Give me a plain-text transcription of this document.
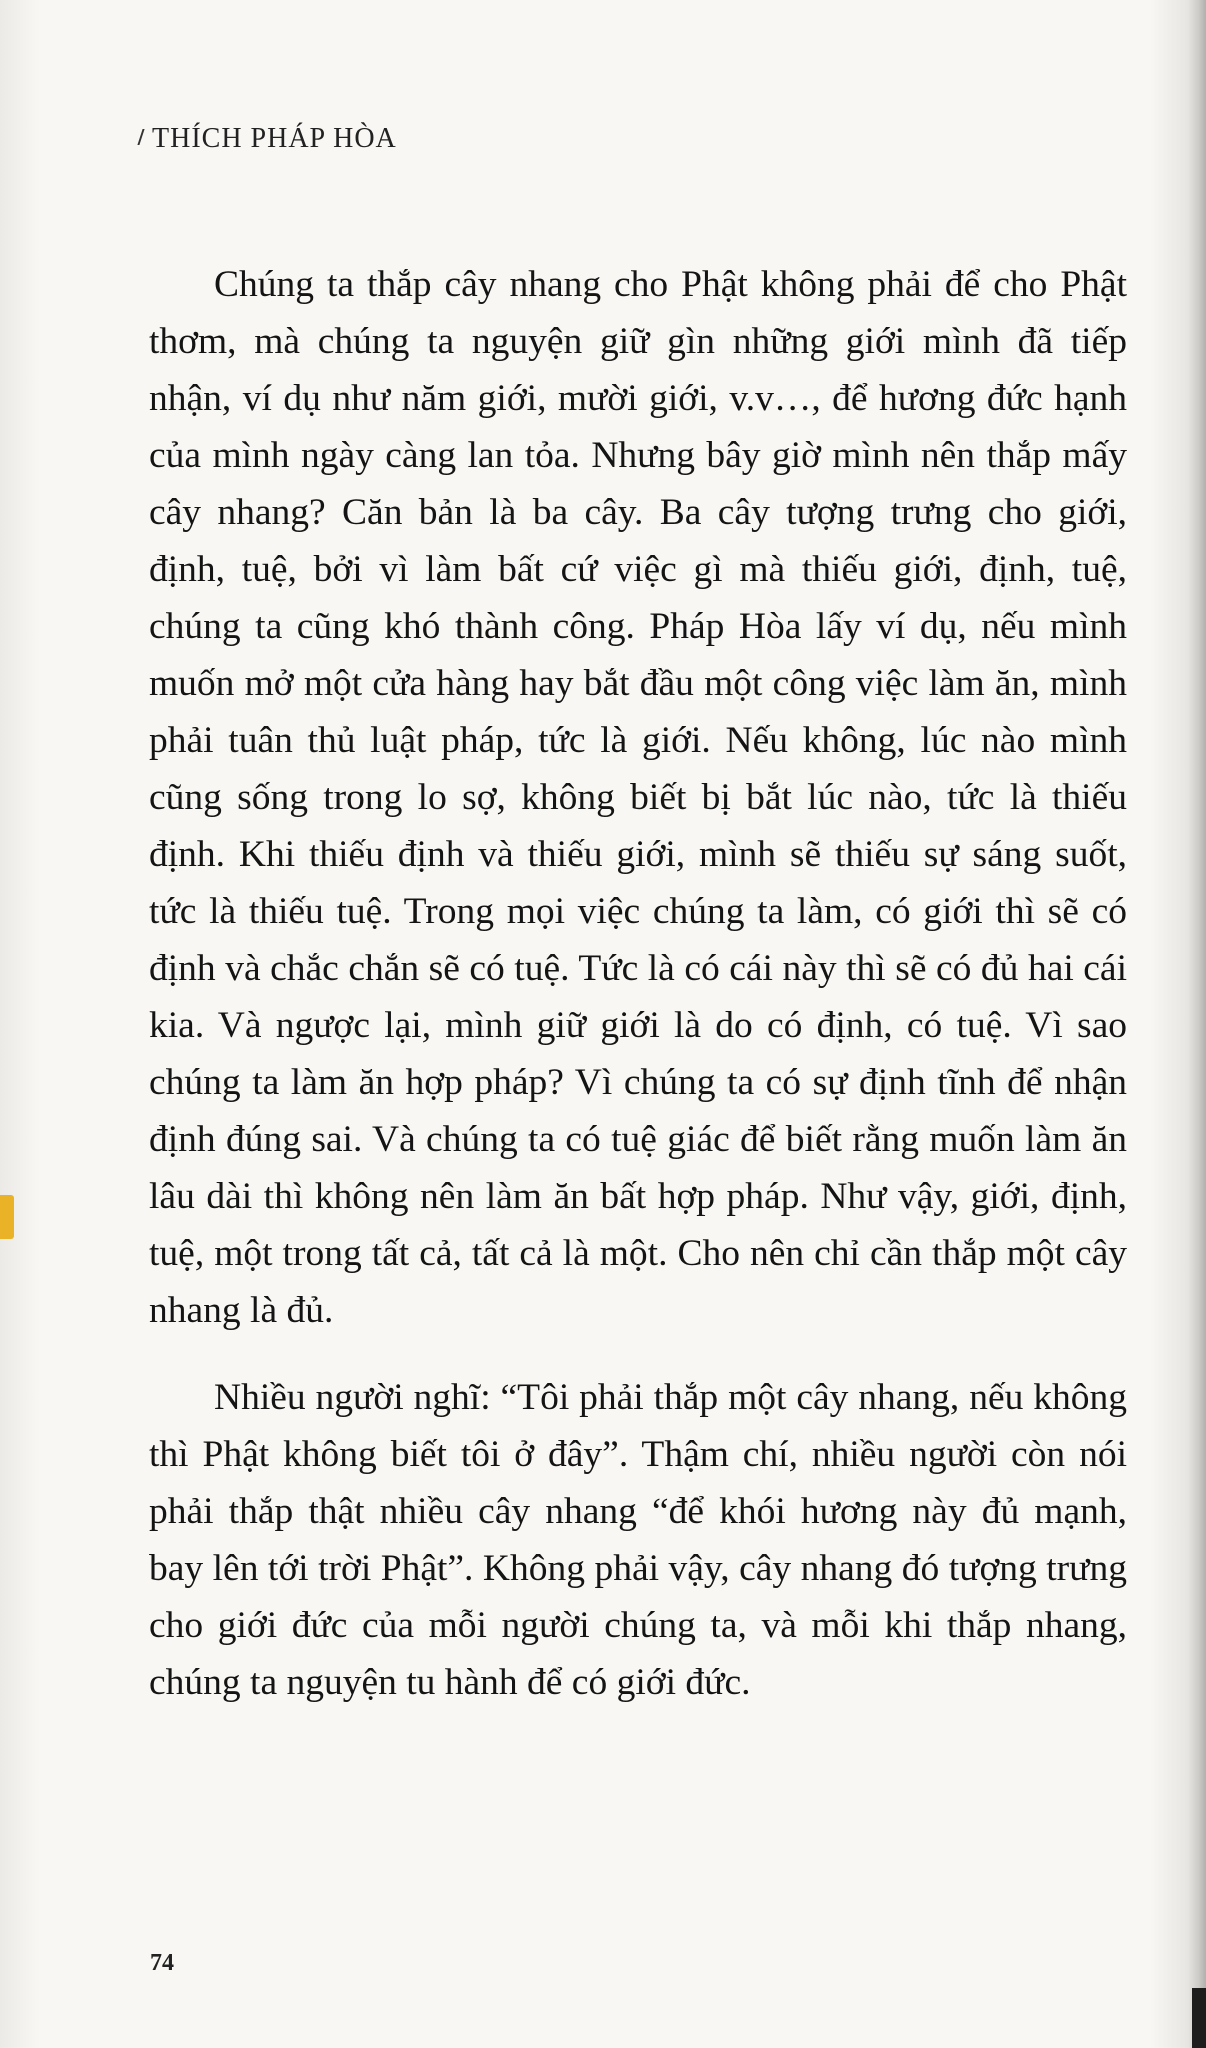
THÍCH PHÁP HÒA

Chúng ta thắp cây nhang cho Phật không phải để cho Phật thơm, mà chúng ta nguyện giữ gìn những giới mình đã tiếp nhận, ví dụ như năm giới, mười giới, v.v…, để hương đức hạnh của mình ngày càng lan tỏa. Nhưng bây giờ mình nên thắp mấy cây nhang? Căn bản là ba cây. Ba cây tượng trưng cho giới, định, tuệ, bởi vì làm bất cứ việc gì mà thiếu giới, định, tuệ, chúng ta cũng khó thành công. Pháp Hòa lấy ví dụ, nếu mình muốn mở một cửa hàng hay bắt đầu một công việc làm ăn, mình phải tuân thủ luật pháp, tức là giới. Nếu không, lúc nào mình cũng sống trong lo sợ, không biết bị bắt lúc nào, tức là thiếu định. Khi thiếu định và thiếu giới, mình sẽ thiếu sự sáng suốt, tức là thiếu tuệ. Trong mọi việc chúng ta làm, có giới thì sẽ có định và chắc chắn sẽ có tuệ. Tức là có cái này thì sẽ có đủ hai cái kia. Và ngược lại, mình giữ giới là do có định, có tuệ. Vì sao chúng ta làm ăn hợp pháp? Vì chúng ta có sự định tĩnh để nhận định đúng sai. Và chúng ta có tuệ giác để biết rằng muốn làm ăn lâu dài thì không nên làm ăn bất hợp pháp. Như vậy, giới, định, tuệ, một trong tất cả, tất cả là một. Cho nên chỉ cần thắp một cây nhang là đủ.

Nhiều người nghĩ: “Tôi phải thắp một cây nhang, nếu không thì Phật không biết tôi ở đây”. Thậm chí, nhiều người còn nói phải thắp thật nhiều cây nhang “để khói hương này đủ mạnh, bay lên tới trời Phật”. Không phải vậy, cây nhang đó tượng trưng cho giới đức của mỗi người chúng ta, và mỗi khi thắp nhang, chúng ta nguyện tu hành để có giới đức.

74
